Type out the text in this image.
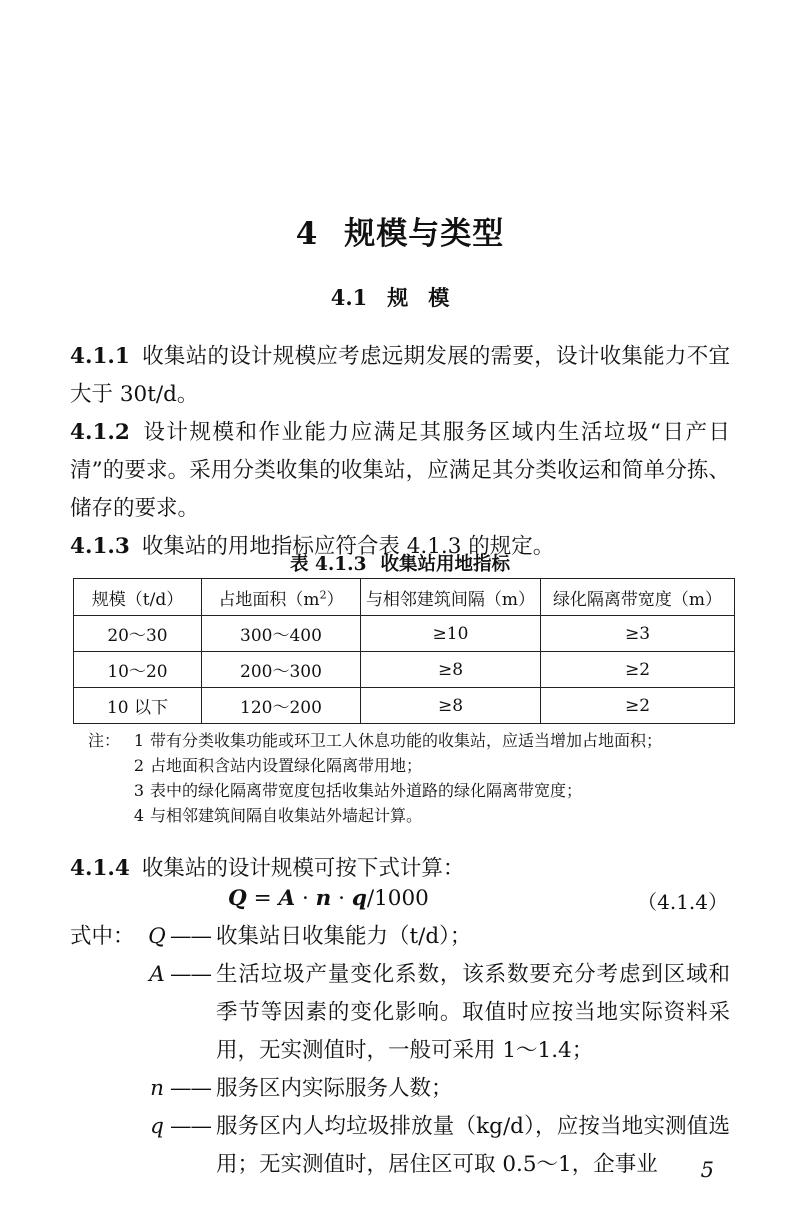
4 规模与类型
4.1 规模
4.1.1 收集站的设计规模应考虑远期发展的需要，设计收集能力不宜大于 30t/d。
4.1.2 设计规模和作业能力应满足其服务区域内生活垃圾“日产日清”的要求。采用分类收集的收集站，应满足其分类收运和简单分拣、储存的要求。
4.1.3 收集站的用地指标应符合表 4.1.3 的规定。
表 4.1.3 收集站用地指标
规模（t/d）	占地面积$(m^2)$	与相邻建筑间隔（m）	绿化隔离带宽度（m）
20～30	300～400	≥10	≥3
10～20	200～300	≥8	≥2
10 以下	120～200	≥8	≥2
注： 1 带有分类收集功能或环卫工人休息功能的收集站，应适当增加占地面积；
2 占地面积含站内设置绿化隔离带用地；
3 表中的绿化隔离带宽度包括收集站外道路的绿化隔离带宽度；
4 与相邻建筑间隔自收集站外墙起计算。
4.1.4 收集站的设计规模可按下式计算：
Q = A · n · q/1000	（4.1.4）
式中： Q —— 收集站日收集能力（t/d）；
A —— 生活垃圾产量变化系数，该系数要充分考虑到区域和季节等因素的变化影响。取值时应按当地实际资料采用，无实测值时，一般可采用 1～1.4；
n —— 服务区内实际服务人数；
q —— 服务区内人均垃圾排放量（kg/d），应按当地实测值选用；无实测值时，居住区可取 0.5～1，企事业	5
